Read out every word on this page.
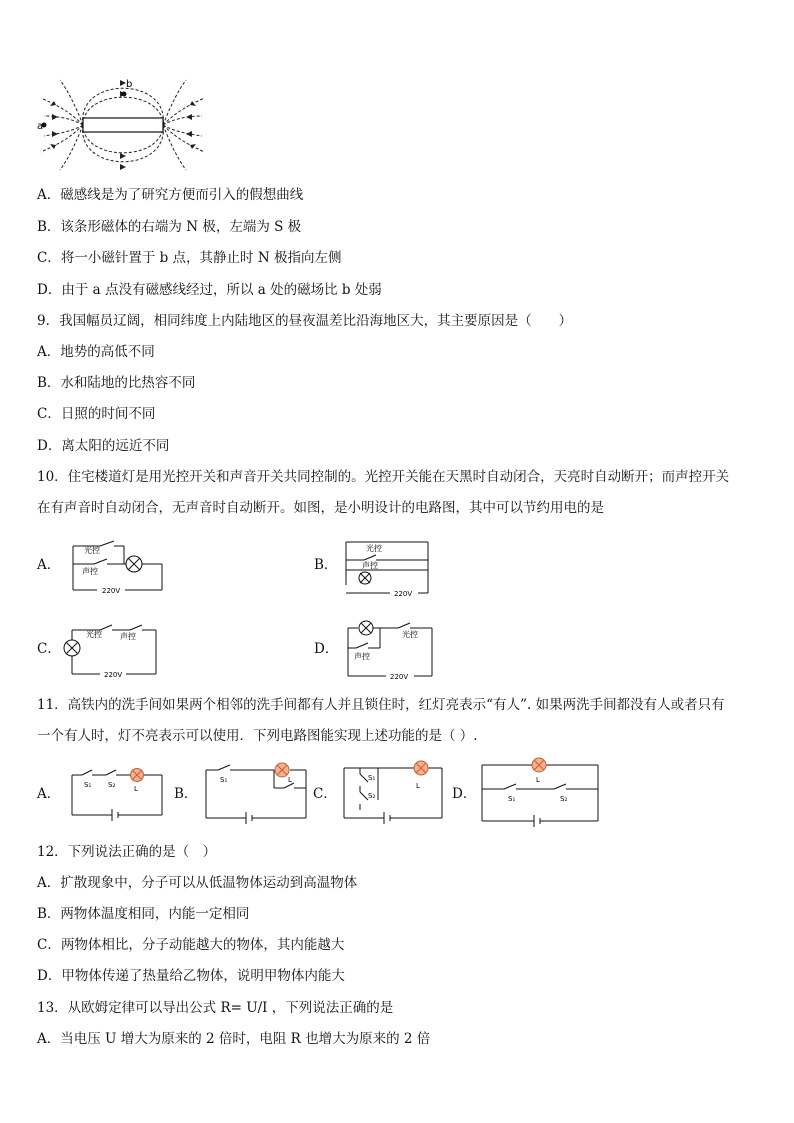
a
b
A．磁感线是为了研究方便而引入的假想曲线
B．该条形磁体的右端为 N 极，左端为 S 极
C．将一小磁针置于 b 点，其静止时 N 极指向左侧
D．由于 a 点没有磁感线经过，所以 a 处的磁场比 b 处弱
9．我国幅员辽阔，相同纬度上内陆地区的昼夜温差比沿海地区大，其主要原因是（　　）
A．地势的高低不同
B．水和陆地的比热容不同
C．日照的时间不同
D．离太阳的远近不同
10．住宅楼道灯是用光控开关和声音开关共同控制的。光控开关能在天黑时自动闭合，天亮时自动断开；而声控开关
在有声音时自动闭合，无声音时自动断开。如图，是小明设计的电路图，其中可以节约用电的是
A．
光控
声控
220V
B．
光控
声控
220V
C．
光控 声控
220V
D．
光控
声控
220V
11．高铁内的洗手间如果两个相邻的洗手间都有人并且锁住时，红灯亮表示“有人”. 如果两洗手间都没有人或者只有
一个有人时，灯不亮表示可以使用．下列电路图能实现上述功能的是（ ）.
A．
S₁ S₂	L	B．
S₁	L
C．
S₁
S₂
L D．
L
S₁	S₂
12．下列说法正确的是（　）
A．扩散现象中，分子可以从低温物体运动到高温物体
B．两物体温度相同，内能一定相同
C．两物体相比，分子动能越大的物体，其内能越大
D．甲物体传递了热量给乙物体，说明甲物体内能大
13．从欧姆定律可以导出公式 R= U/I ，下列说法正确的是
A．当电压 U 增大为原来的 2 倍时，电阻 R 也增大为原来的 2 倍
